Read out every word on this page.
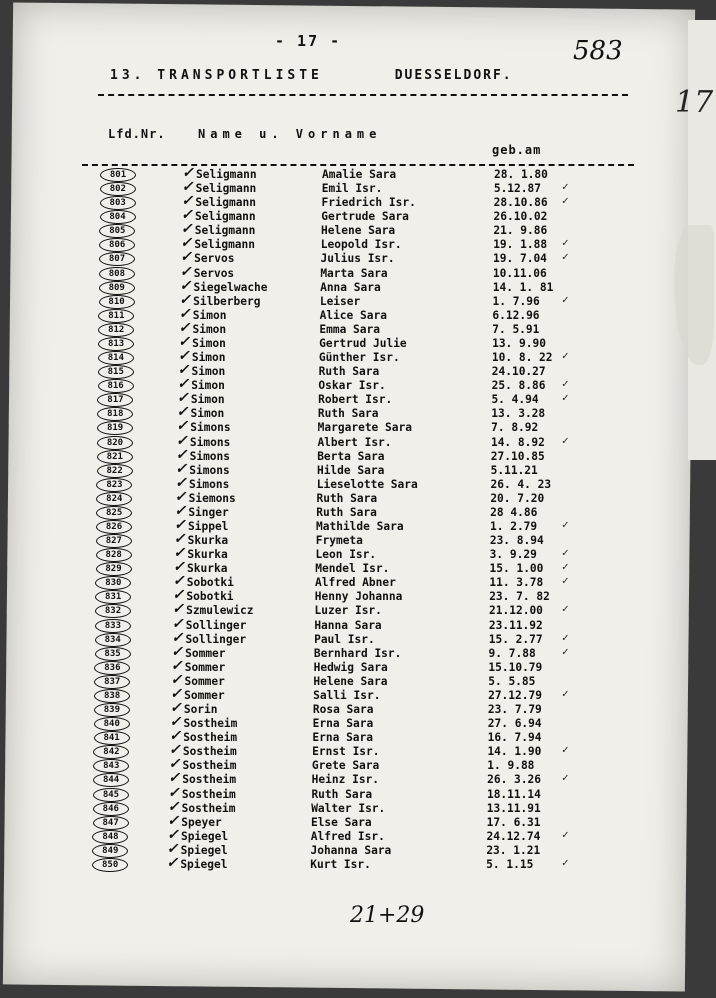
- 17 -	583
17
13. TRANSPORTLISTE	DUESSELDORF.
Lfd.Nr.	Name u. Vorname
geb.am
801	✓ Seligmann	Amalie Sara	28. 1.80
802	✓ Seligmann	Emil Isr.	5.12.87 ✓
803	✓ Seligmann	Friedrich Isr.	28.10.86 ✓
804	✓ Seligmann	Gertrude Sara	26.10.02
805	✓ Seligmann	Helene Sara	21. 9.86
806	✓ Seligmann	Leopold Isr.	19. 1.88 ✓
807	✓ Servos	Julius Isr.	19. 7.04 ✓
808	✓ Servos	Marta Sara	10.11.06
809	✓ Siegelwache	Anna Sara	14. 1. 81
810	✓ Silberberg	Leiser	1. 7.96 ✓
811	✓ Simon	Alice Sara	6.12.96
812	✓ Simon	Emma Sara	7. 5.91
813	✓ Simon	Gertrud Julie	13. 9.90
814	✓ Simon	Günther Isr.	10. 8. 22 ✓
815	✓ Simon	Ruth Sara	24.10.27
816	✓ Simon	Oskar Isr.	25. 8.86 ✓
817	✓ Simon	Robert Isr.	5. 4.94 ✓
818	✓ Simon	Ruth Sara	13. 3.28
819	✓ Simons	Margarete Sara	7. 8.92
820	✓ Simons	Albert Isr.	14. 8.92 ✓
821	✓ Simons	Berta Sara	27.10.85
822	✓ Simons	Hilde Sara	5.11.21
823	✓ Simons	Lieselotte Sara	26. 4. 23
824	✓ Siemons	Ruth Sara	20. 7.20
825	✓ Singer	Ruth Sara	28 4.86
826	✓ Sippel	Mathilde Sara	1. 2.79 ✓
827	✓ Skurka	Frymeta	23. 8.94
828	✓ Skurka	Leon Isr.	3. 9.29 ✓
829	✓ Skurka	Mendel Isr.	15. 1.00 ✓
830	✓ Sobotki	Alfred Abner	11. 3.78 ✓
831	✓ Sobotki	Henny Johanna	23. 7. 82
832	✓ Szmulewicz	Luzer Isr.	21.12.00 ✓
833	✓ Sollinger	Hanna Sara	23.11.92
834	✓ Sollinger	Paul Isr.	15. 2.77 ✓
835	✓ Sommer	Bernhard Isr.	9. 7.88 ✓
836	✓ Sommer	Hedwig Sara	15.10.79
837	✓ Sommer	Helene Sara	5. 5.85
838	✓ Sommer	Salli Isr.	27.12.79 ✓
839	✓ Sorin	Rosa Sara	23. 7.79
840	✓ Sostheim	Erna Sara	27. 6.94
841	✓ Sostheim	Erna Sara	16. 7.94
842	✓ Sostheim	Ernst Isr.	14. 1.90 ✓
843	✓ Sostheim	Grete Sara	1. 9.88
844	✓ Sostheim	Heinz Isr.	26. 3.26 ✓
845	✓ Sostheim	Ruth Sara	18.11.14
846	✓ Sostheim	Walter Isr.	13.11.91
847	✓ Speyer	Else Sara	17. 6.31
848	✓ Spiegel	Alfred Isr.	24.12.74 ✓
849	✓ Spiegel	Johanna Sara	23. 1.21
850	✓ Spiegel	Kurt Isr.	5. 1.15	✓
21+29
